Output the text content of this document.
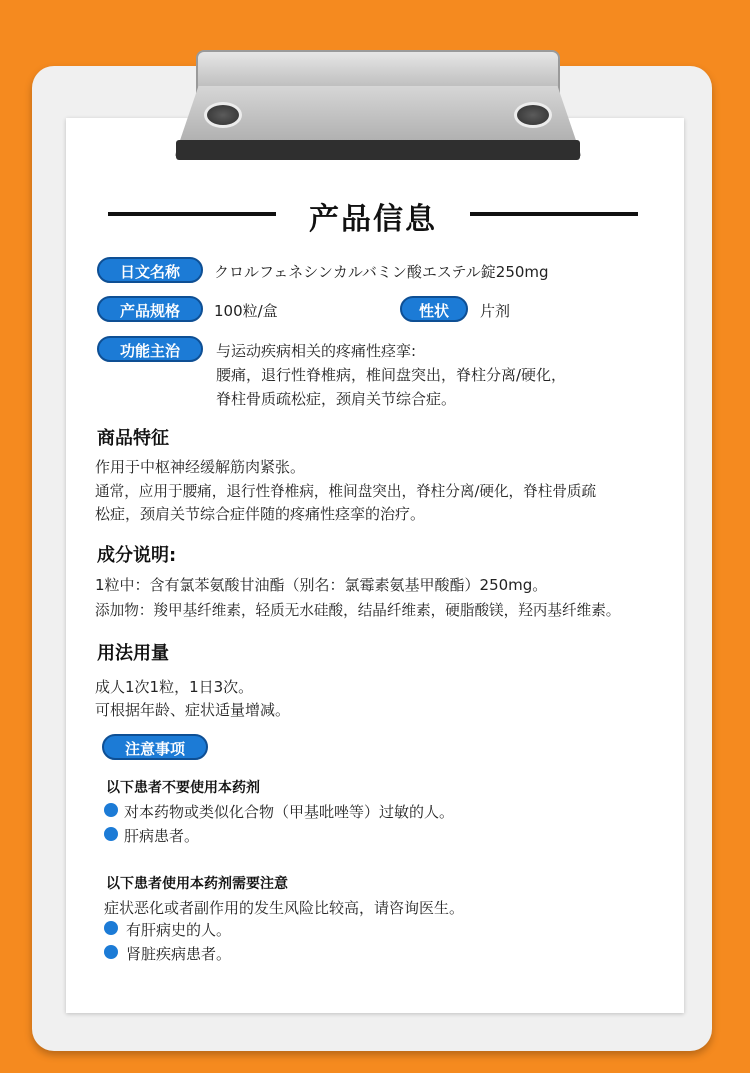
产品信息
日文名称	クロルフェネシンカルバミン酸エステル錠250mg
产品规格	100粒/盒	性状	片剂
功能主治	与运动疾病相关的疼痛性痉挛:
腰痛，退行性脊椎病，椎间盘突出，脊柱分离/硬化，
脊柱骨质疏松症，颈肩关节综合症。
商品特征
作用于中枢神经缓解筋肉紧张。
通常，应用于腰痛，退行性脊椎病，椎间盘突出，脊柱分离/硬化，脊柱骨质疏
松症，颈肩关节综合症伴随的疼痛性痉挛的治疗。
成分说明:
1粒中：含有氯苯氨酸甘油酯（别名：氯霉素氨基甲酸酯）250mg。
添加物：羧甲基纤维素，轻质无水硅酸，结晶纤维素，硬脂酸镁，羟丙基纤维素。
用法用量
成人1次1粒，1日3次。
可根据年龄、症状适量增减。
注意事项
以下患者不要使用本药剂
对本药物或类似化合物（甲基吡唑等）过敏的人。
肝病患者。
以下患者使用本药剂需要注意
症状恶化或者副作用的发生风险比较高，请咨询医生。
有肝病史的人。
肾脏疾病患者。
